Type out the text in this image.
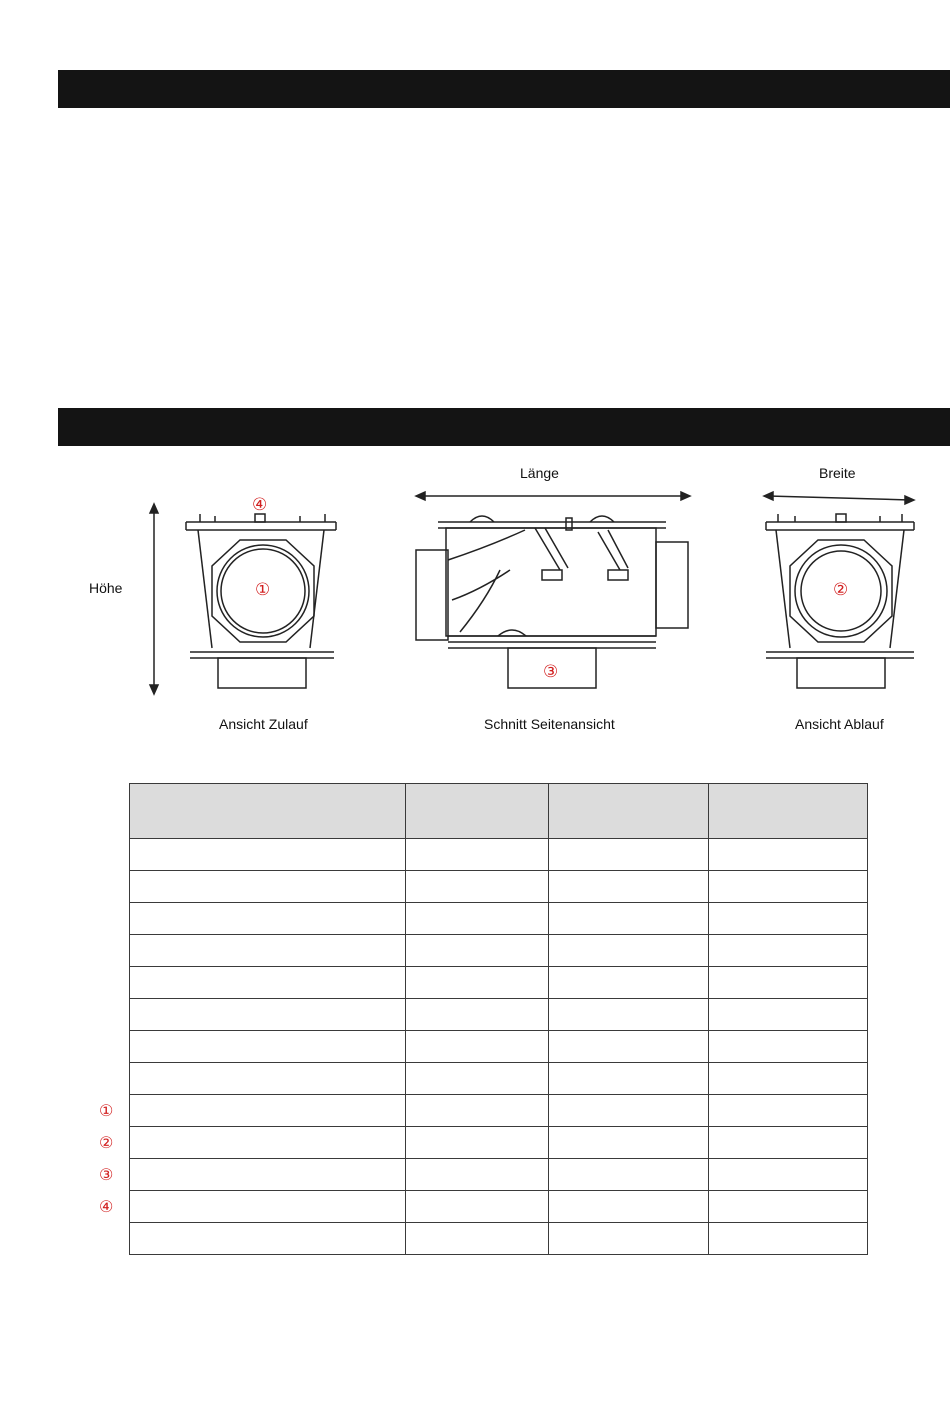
Höhe
Länge	Breite
Ansicht Zulauf	Schnitt Seitenansicht	Ansicht Ablauf
④
①
③
②

①
②
③
④
